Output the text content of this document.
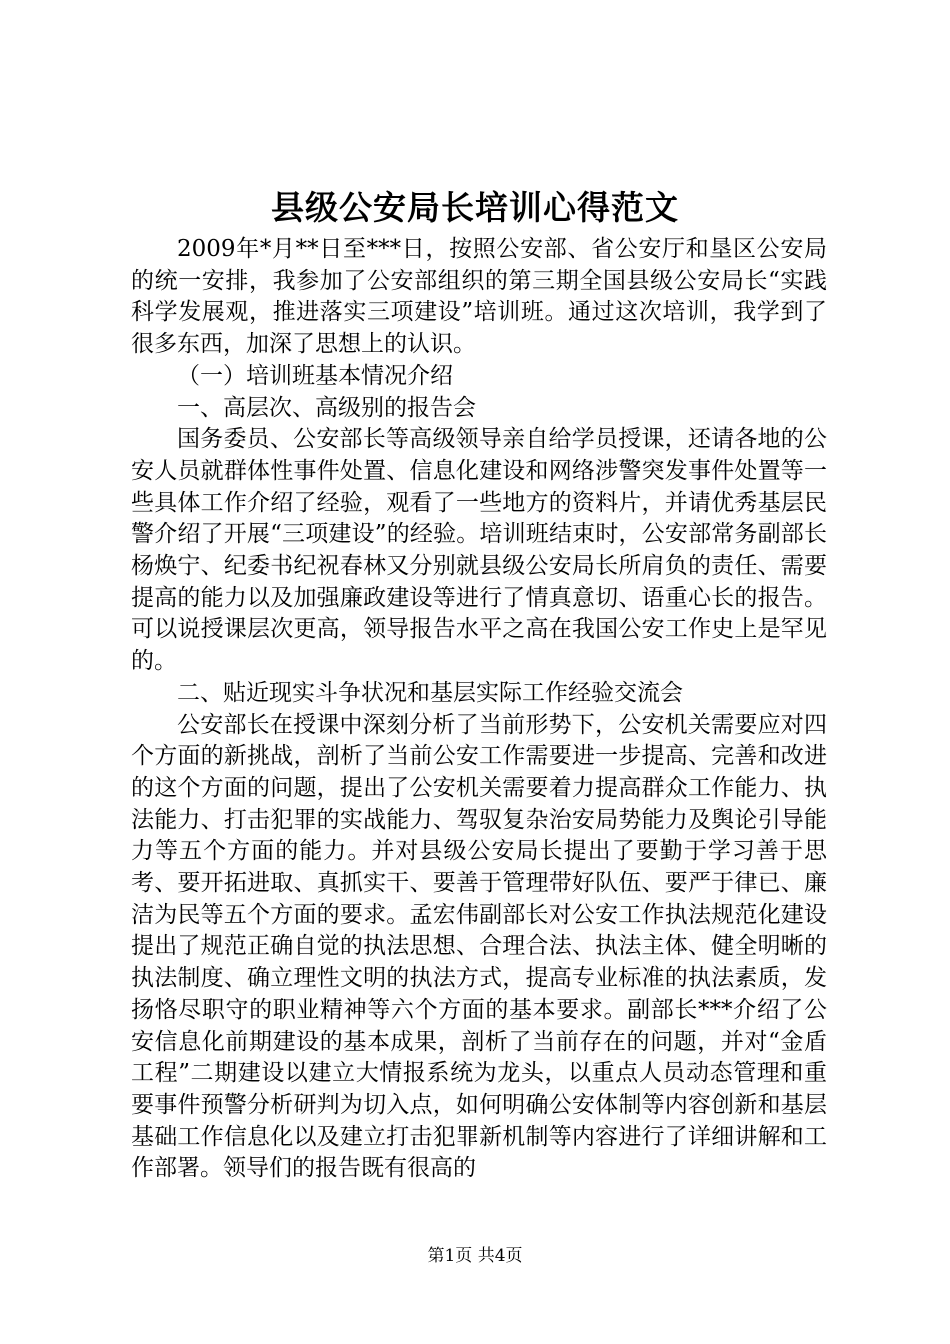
县级公安局长培训心得范文

2009年*月**日至***日，按照公安部、省公安厅和垦区公安局的统一安排，我参加了公安部组织的第三期全国县级公安局长“实践科学发展观，推进落实三项建设”培训班。通过这次培训，我学到了很多东西，加深了思想上的认识。

（一）培训班基本情况介绍

一、高层次、高级别的报告会

国务委员、公安部长等高级领导亲自给学员授课，还请各地的公安人员就群体性事件处置、信息化建设和网络涉警突发事件处置等一些具体工作介绍了经验，观看了一些地方的资料片，并请优秀基层民警介绍了开展“三项建设”的经验。培训班结束时，公安部常务副部长杨焕宁、纪委书纪祝春林又分别就县级公安局长所肩负的责任、需要提高的能力以及加强廉政建设等进行了情真意切、语重心长的报告。可以说授课层次更高，领导报告水平之高在我国公安工作史上是罕见的。

二、贴近现实斗争状况和基层实际工作经验交流会

公安部长在授课中深刻分析了当前形势下，公安机关需要应对四个方面的新挑战，剖析了当前公安工作需要进一步提高、完善和改进的这个方面的问题，提出了公安机关需要着力提高群众工作能力、执法能力、打击犯罪的实战能力、驾驭复杂治安局势能力及舆论引导能力等五个方面的能力。并对县级公安局长提出了要勤于学习善于思考、要开拓进取、真抓实干、要善于管理带好队伍、要严于律已、廉洁为民等五个方面的要求。孟宏伟副部长对公安工作执法规范化建设提出了规范正确自觉的执法思想、合理合法、执法主体、健全明晰的执法制度、确立理性文明的执法方式，提高专业标准的执法素质，发扬恪尽职守的职业精神等六个方面的基本要求。副部长***介绍了公安信息化前期建设的基本成果，剖析了当前存在的问题，并对“金盾工程”二期建设以建立大情报系统为龙头，以重点人员动态管理和重要事件预警分析研判为切入点，如何明确公安体制等内容创新和基层基础工作信息化以及建立打击犯罪新机制等内容进行了详细讲解和工作部署。领导们的报告既有很高的

第1页 共4页
